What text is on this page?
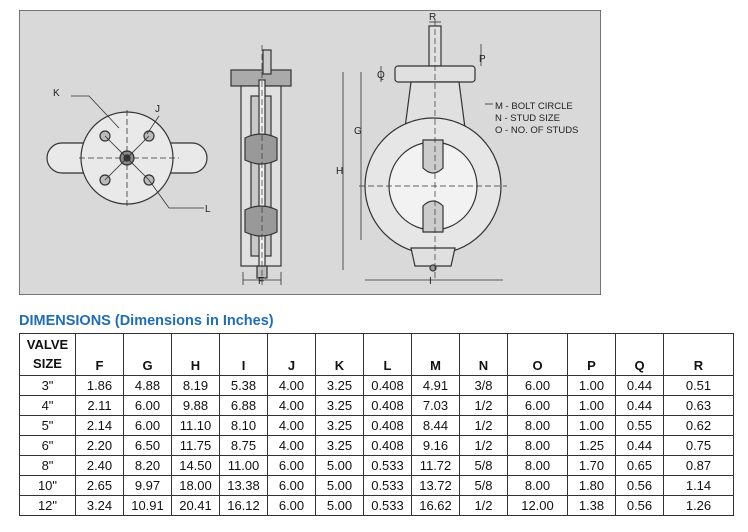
K
J
L
F
R
P
Q
G
H
I
M - BOLT CIRCLE
N - STUD SIZE
O - NO. OF STUDS
DIMENSIONS (Dimensions in Inches)
VALVE
SIZE	F	G	H	I	J	K	L	M	N	O	P	Q	R
3"	1.86	4.88	8.19	5.38	4.00	3.25	0.408	4.91	3/8	6.00	1.00	0.44	0.51
4"	2.11	6.00	9.88	6.88	4.00	3.25	0.408	7.03	1/2	6.00	1.00	0.44	0.63
5"	2.14	6.00	11.10	8.10	4.00	3.25	0.408	8.44	1/2	8.00	1.00	0.55	0.62
6"	2.20	6.50	11.75	8.75	4.00	3.25	0.408	9.16	1/2	8.00	1.25	0.44	0.75
8"	2.40	8.20	14.50	11.00	6.00	5.00	0.533	11.72	5/8	8.00	1.70	0.65	0.87
10"	2.65	9.97	18.00	13.38	6.00	5.00	0.533	13.72	5/8	8.00	1.80	0.56	1.14
12"	3.24	10.91	20.41	16.12	6.00	5.00	0.533	16.62	1/2	12.00	1.38	0.56	1.26
